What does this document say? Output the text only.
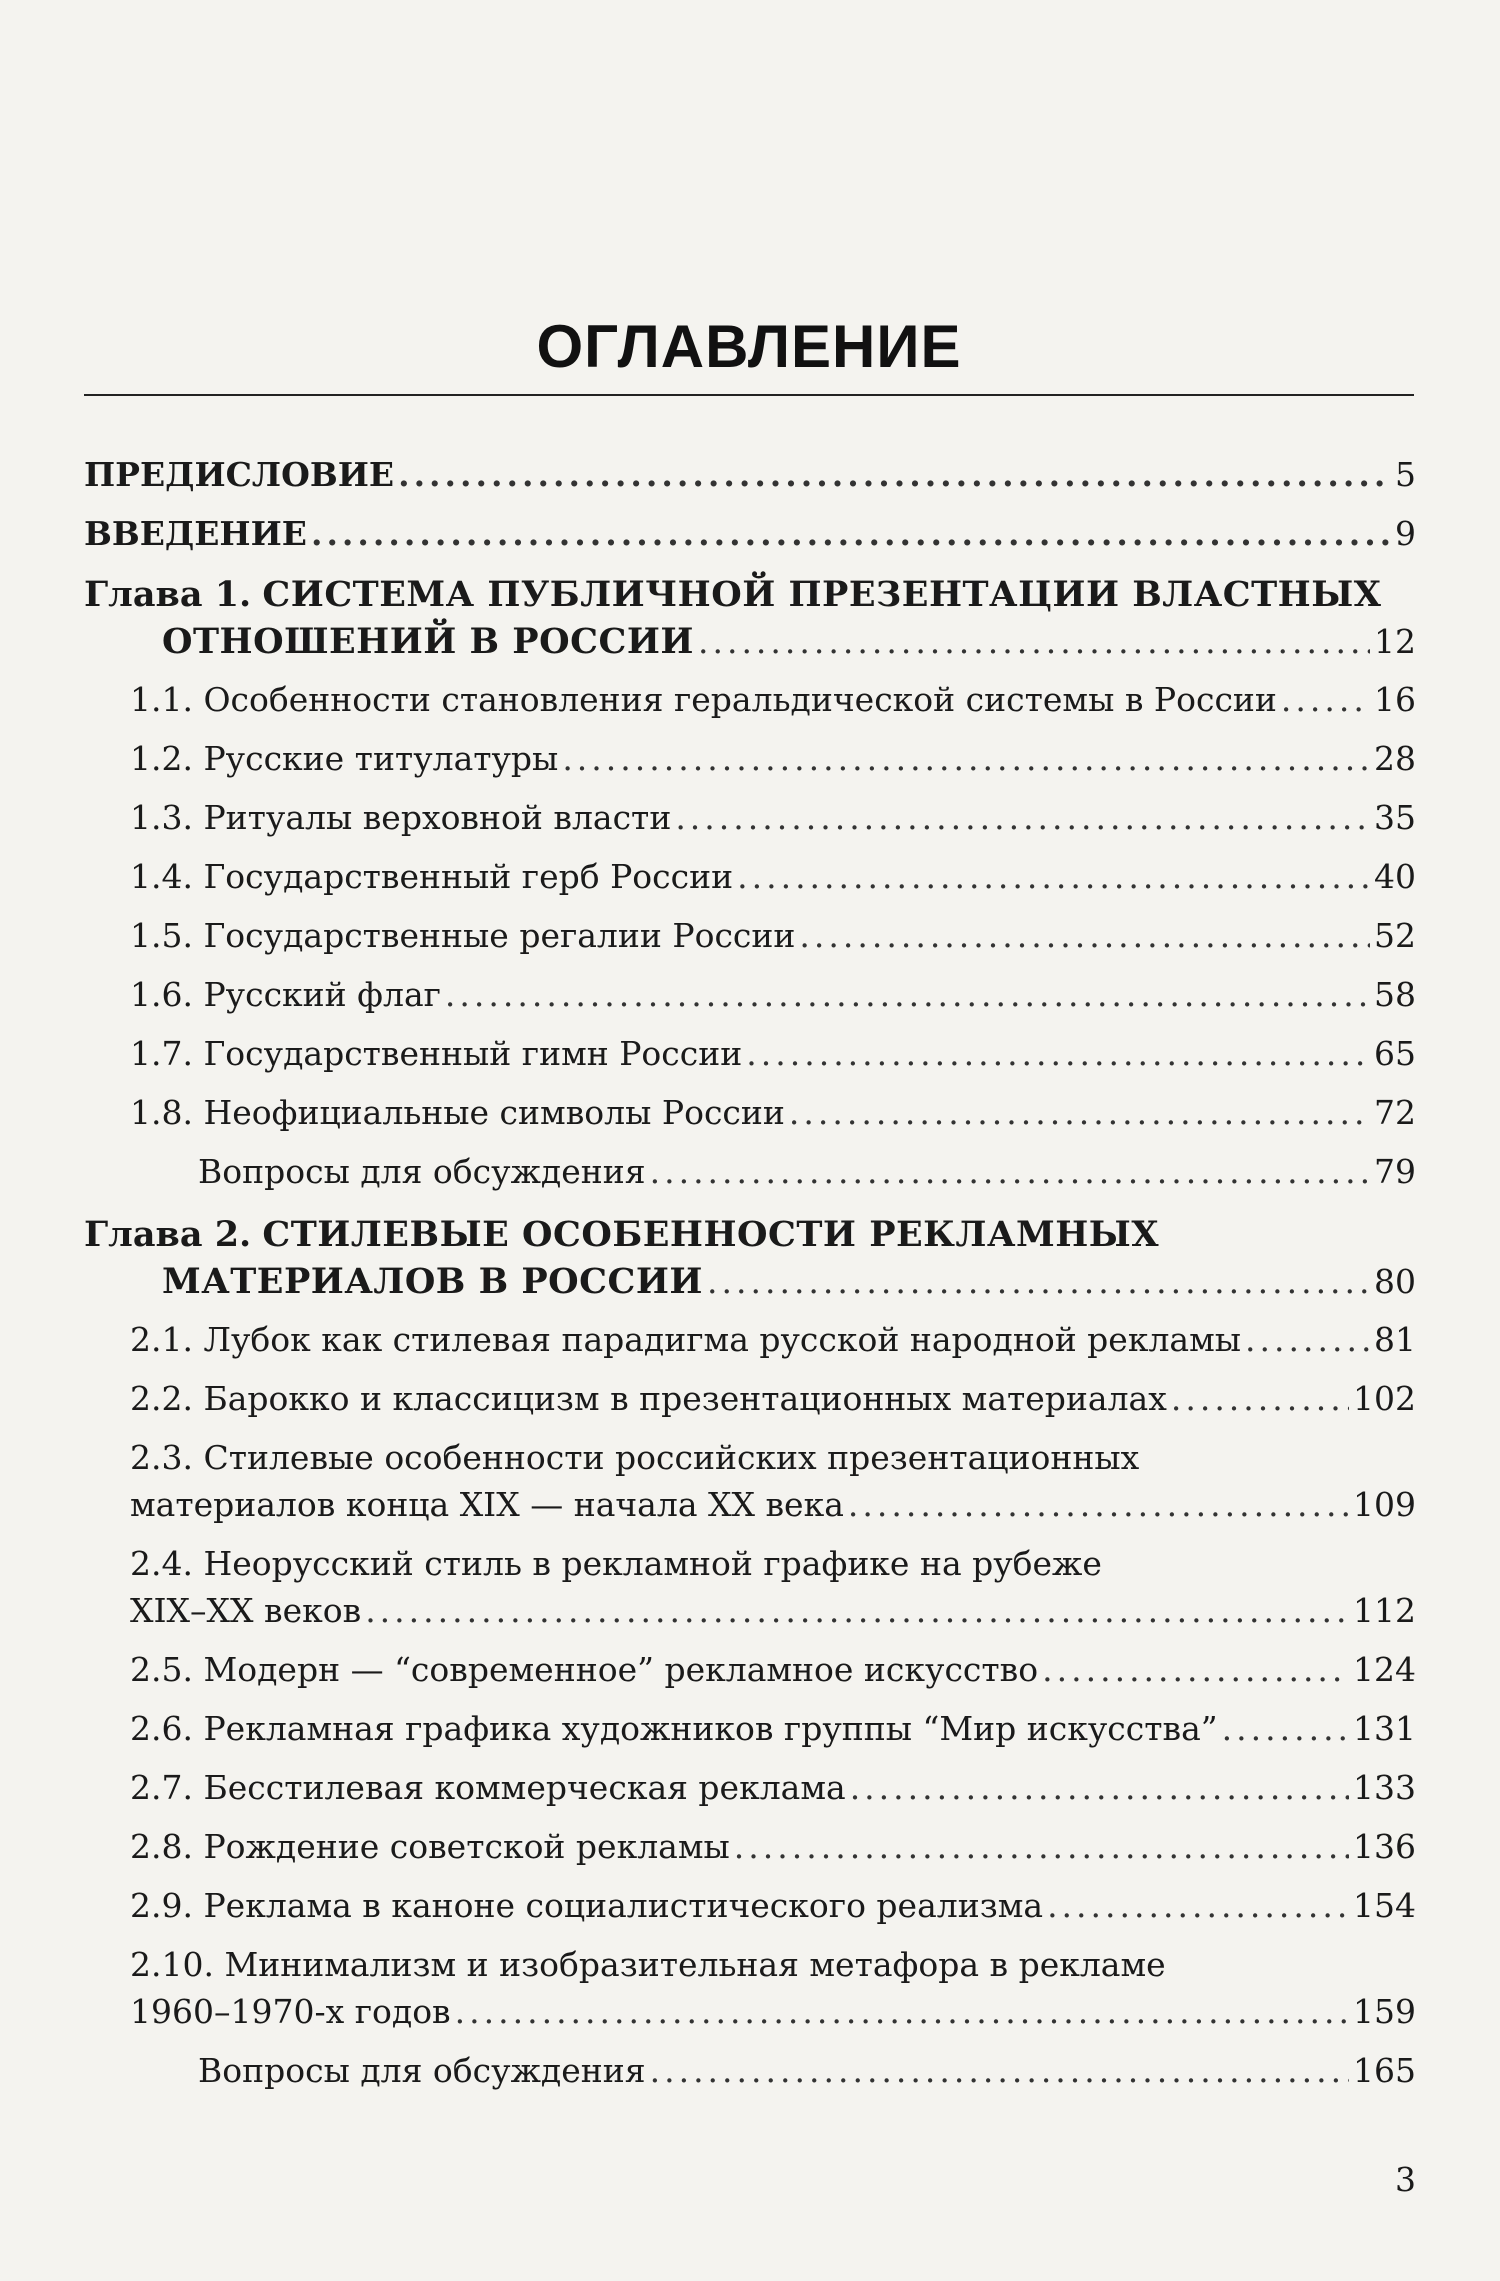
ОГЛАВЛЕНИЕ
ПРЕДИСЛОВИЕ .....	5
ВВЕДЕНИЕ .....	9
Глава 1. СИСТЕМА ПУБЛИЧНОЙ ПРЕЗЕНТАЦИИ ВЛАСТНЫХ
ОТНОШЕНИЙ В РОССИИ .....	12
1.1. Особенности становления геральдической системы в России .....	16
1.2. Русские титулатуры .....	28
1.3. Ритуалы верховной власти .....	35
1.4. Государственный герб России .....	40
1.5. Государственные регалии России .....	52
1.6. Русский флаг .....	58
1.7. Государственный гимн России .....	65
1.8. Неофициальные символы России .....	72
Вопросы для обсуждения .....	79
Глава 2. СТИЛЕВЫЕ ОСОБЕННОСТИ РЕКЛАМНЫХ
МАТЕРИАЛОВ В РОССИИ .....	80
2.1. Лубок как стилевая парадигма русской народной рекламы .....	81
2.2. Барокко и классицизм в презентационных материалах .....	102
2.3. Стилевые особенности российских презентационных
материалов конца XIX — начала XX века .....	109
2.4. Неорусский стиль в рекламной графике на рубеже
XIX–XX веков .....	112
2.5. Модерн — “современное” рекламное искусство .....	124
2.6. Рекламная графика художников группы “Мир искусства” .....	131
2.7. Бесстилевая коммерческая реклама .....	133
2.8. Рождение советской рекламы .....	136
2.9. Реклама в каноне социалистического реализма .....	154
2.10. Минимализм и изобразительная метафора в рекламе
1960–1970-х годов .....	159
Вопросы для обсуждения .....	165
3
